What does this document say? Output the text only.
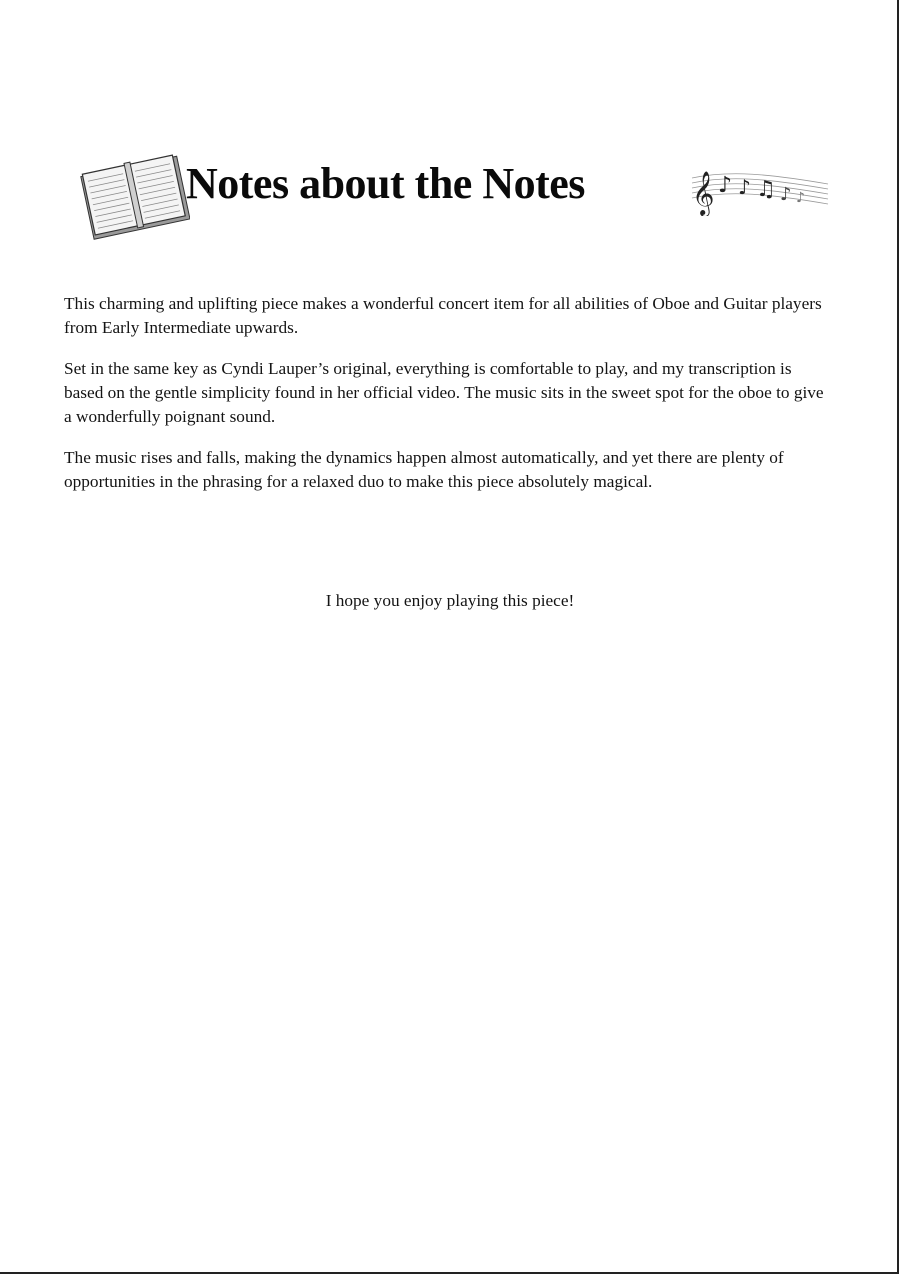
Notes about the Notes	𝄞 ♪ ♪ ♫ ♪ ♪

This charming and uplifting piece makes a wonderful concert item for all abilities of Oboe and Guitar players from Early Intermediate upwards.

Set in the same key as Cyndi Lauper’s original, everything is comfortable to play, and my transcription is based on the gentle simplicity found in her official video. The music sits in the sweet spot for the oboe to give a wonderfully poignant sound.

The music rises and falls, making the dynamics happen almost automatically, and yet there are plenty of opportunities in the phrasing for a relaxed duo to make this piece absolutely magical.

I hope you enjoy playing this piece!
